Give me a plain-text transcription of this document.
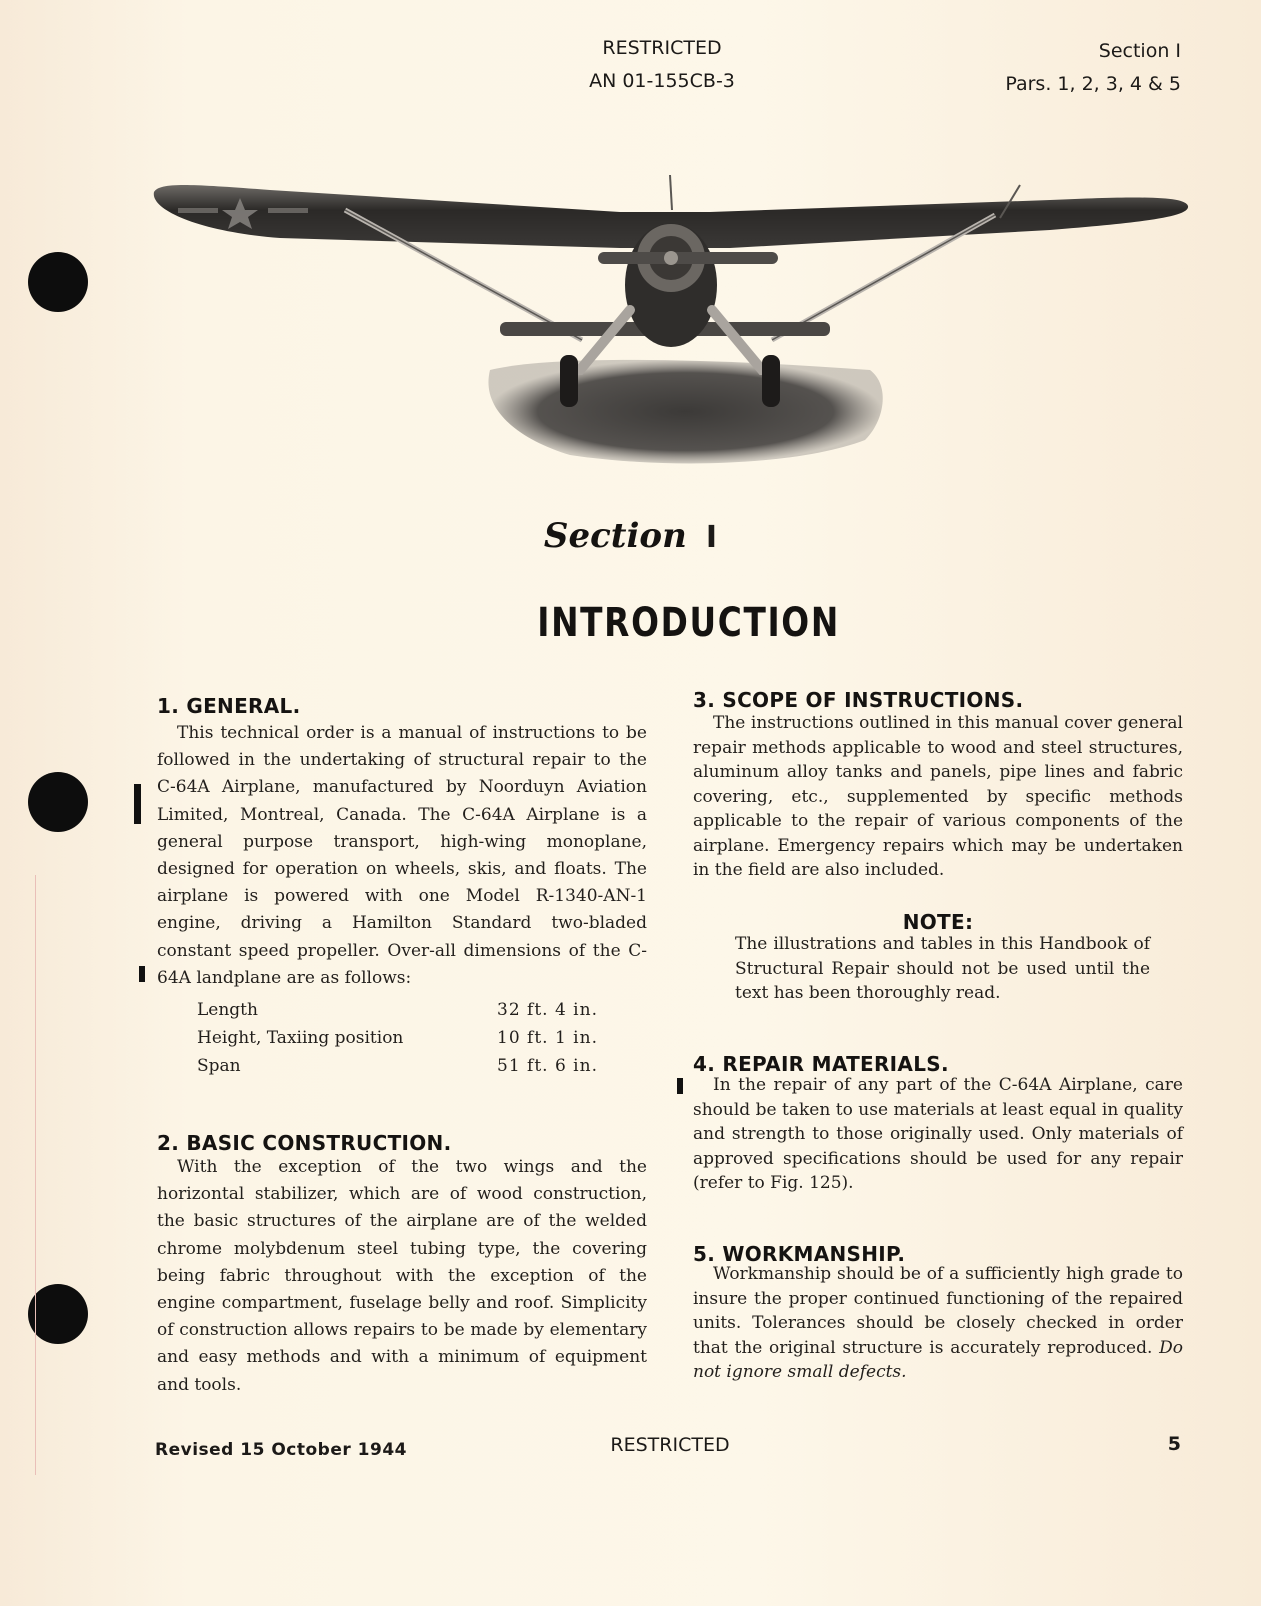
RESTRICTED
AN 01-155CB-3
Section I
Pars. 1, 2, 3, 4 & 5
Section I
INTRODUCTION
1. GENERAL.
This technical order is a manual of instructions to be followed in the undertaking of structural repair to the C-64A Airplane, manufactured by Noorduyn Aviation Limited, Montreal, Canada. The C-64A Airplane is a general purpose transport, high-wing monoplane, designed for operation on wheels, skis, and floats. The airplane is powered with one Model R-1340-AN-1 engine, driving a Hamilton Standard two-bladed constant speed propeller. Over-all dimensions of the C-64A landplane are as follows:
Length	32 ft. 4 in.
Height, Taxiing position	10 ft. 1 in.
Span	51 ft. 6 in.
2. BASIC CONSTRUCTION.
With the exception of the two wings and the horizontal stabilizer, which are of wood construction, the basic structures of the airplane are of the welded chrome molybdenum steel tubing type, the covering being fabric throughout with the exception of the engine compartment, fuselage belly and roof. Simplicity of construction allows repairs to be made by elementary and easy methods and with a minimum of equipment and tools.
3. SCOPE OF INSTRUCTIONS.
The instructions outlined in this manual cover general repair methods applicable to wood and steel structures, aluminum alloy tanks and panels, pipe lines and fabric covering, etc., supplemented by specific methods applicable to the repair of various components of the airplane. Emergency repairs which may be undertaken in the field are also included.
NOTE:
The illustrations and tables in this Handbook of Structural Repair should not be used until the text has been thoroughly read.
4. REPAIR MATERIALS.
In the repair of any part of the C-64A Airplane, care should be taken to use materials at least equal in quality and strength to those originally used. Only materials of approved specifications should be used for any repair (refer to Fig. 125).
5. WORKMANSHIP.
Workmanship should be of a sufficiently high grade to insure the proper continued functioning of the repaired units. Tolerances should be closely checked in order that the original structure is accurately reproduced. Do not ignore small defects.
Revised 15 October 1944	RESTRICTED	5
